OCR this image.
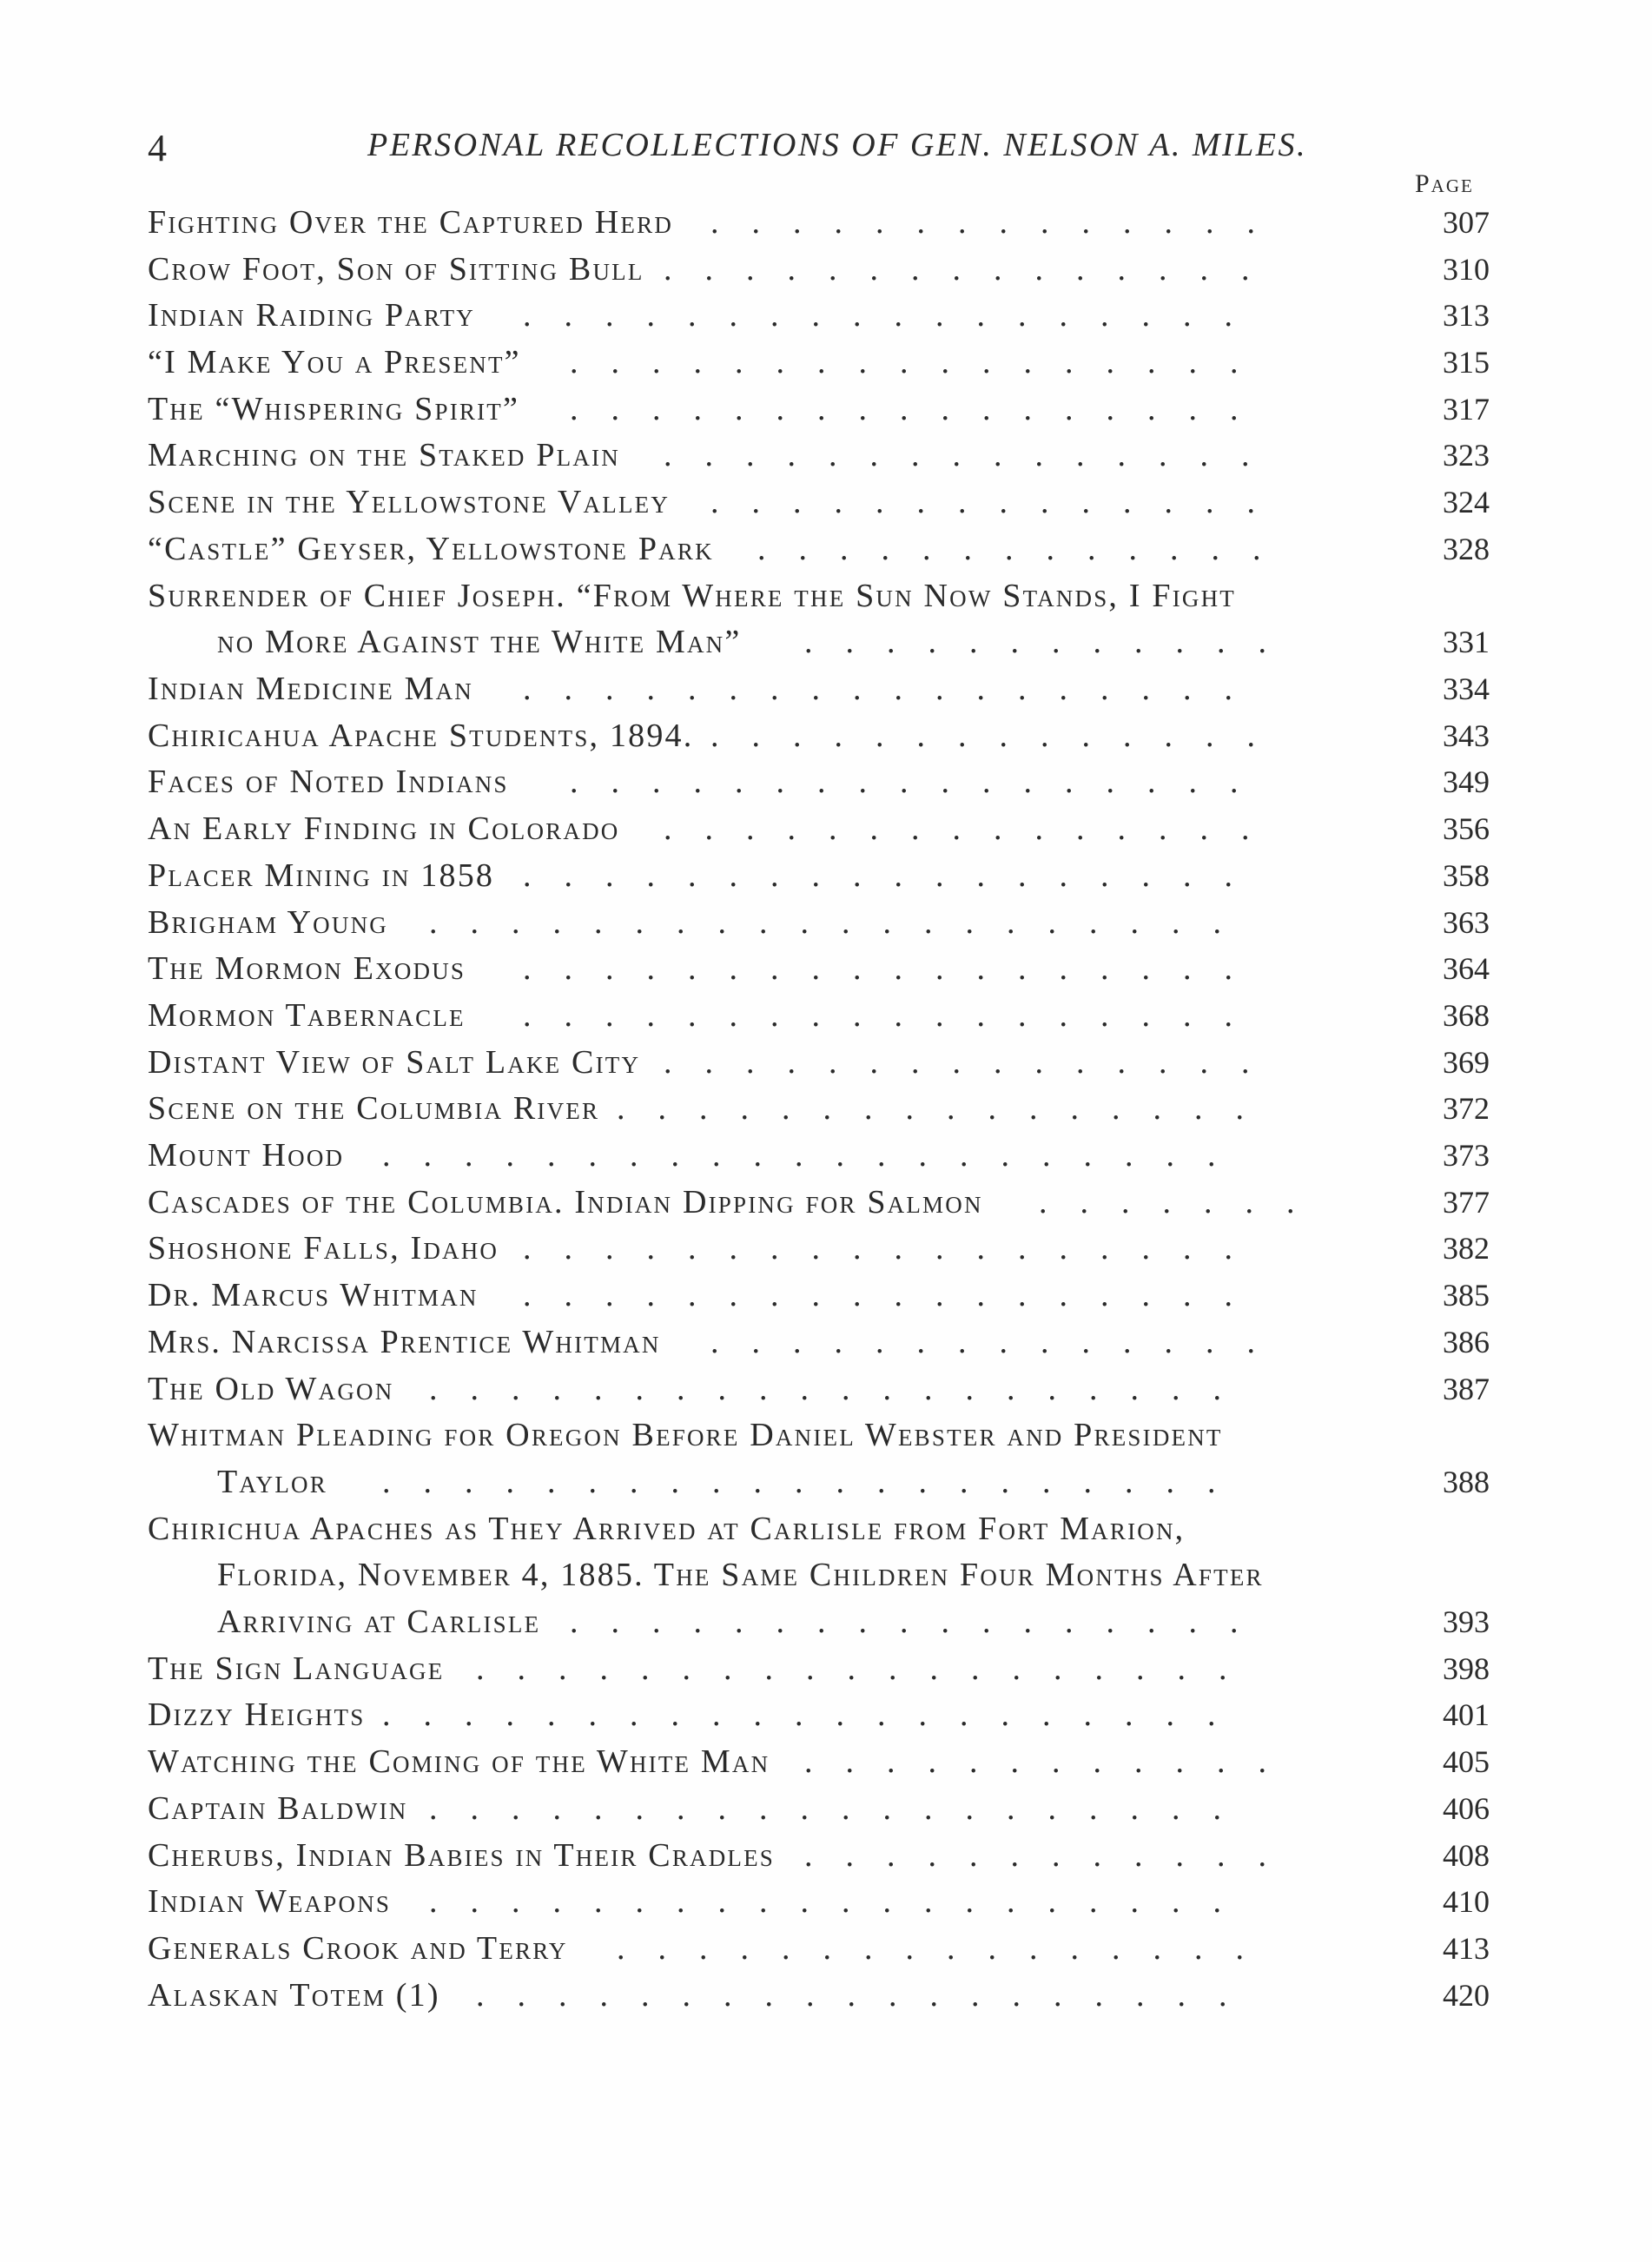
4	PERSONAL RECOLLECTIONS OF GEN. NELSON A. MILES.
Page
Fighting Over the Captured Herd ..............	307
Crow Foot, Son of Sitting Bull ...............	310
Indian Raiding Party ..................	313
“I Make You a Present” .................	315
The “Whispering Spirit” .................	317
Marching on the Staked Plain ...............	323
Scene in the Yellowstone Valley ..............	324
“Castle” Geyser, Yellowstone Park .............	328
Surrender of Chief Joseph. “From Where the Sun Now Stands, I Fight
no More Against the White Man” ............	331
Indian Medicine Man ..................	334
Chiricahua Apache Students, 1894. ..............	343
Faces of Noted Indians .................	349
An Early Finding in Colorado ...............	356
Placer Mining in 1858 ..................	358
Brigham Young ....................	363
The Mormon Exodus ..................	364
Mormon Tabernacle ..................	368
Distant View of Salt Lake City ...............	369
Scene on the Columbia River ................	372
Mount Hood .....................	373
Cascades of the Columbia. Indian Dipping for Salmon .......	377
Shoshone Falls, Idaho ..................	382
Dr. Marcus Whitman ..................	385
Mrs. Narcissa Prentice Whitman ..............	386
The Old Wagon ....................	387
Whitman Pleading for Oregon Before Daniel Webster and President
Taylor .....................	388
Chirichua Apaches as They Arrived at Carlisle from Fort Marion,
Florida, November 4, 1885. The Same Children Four Months After
Arriving at Carlisle .................	393
The Sign Language ...................	398
Dizzy Heights .....................	401
Watching the Coming of the White Man ............	405
Captain Baldwin ....................	406
Cherubs, Indian Babies in Their Cradles ............	408
Indian Weapons ....................	410
Generals Crook and Terry ................	413
Alaskan Totem (1) ...................	420
